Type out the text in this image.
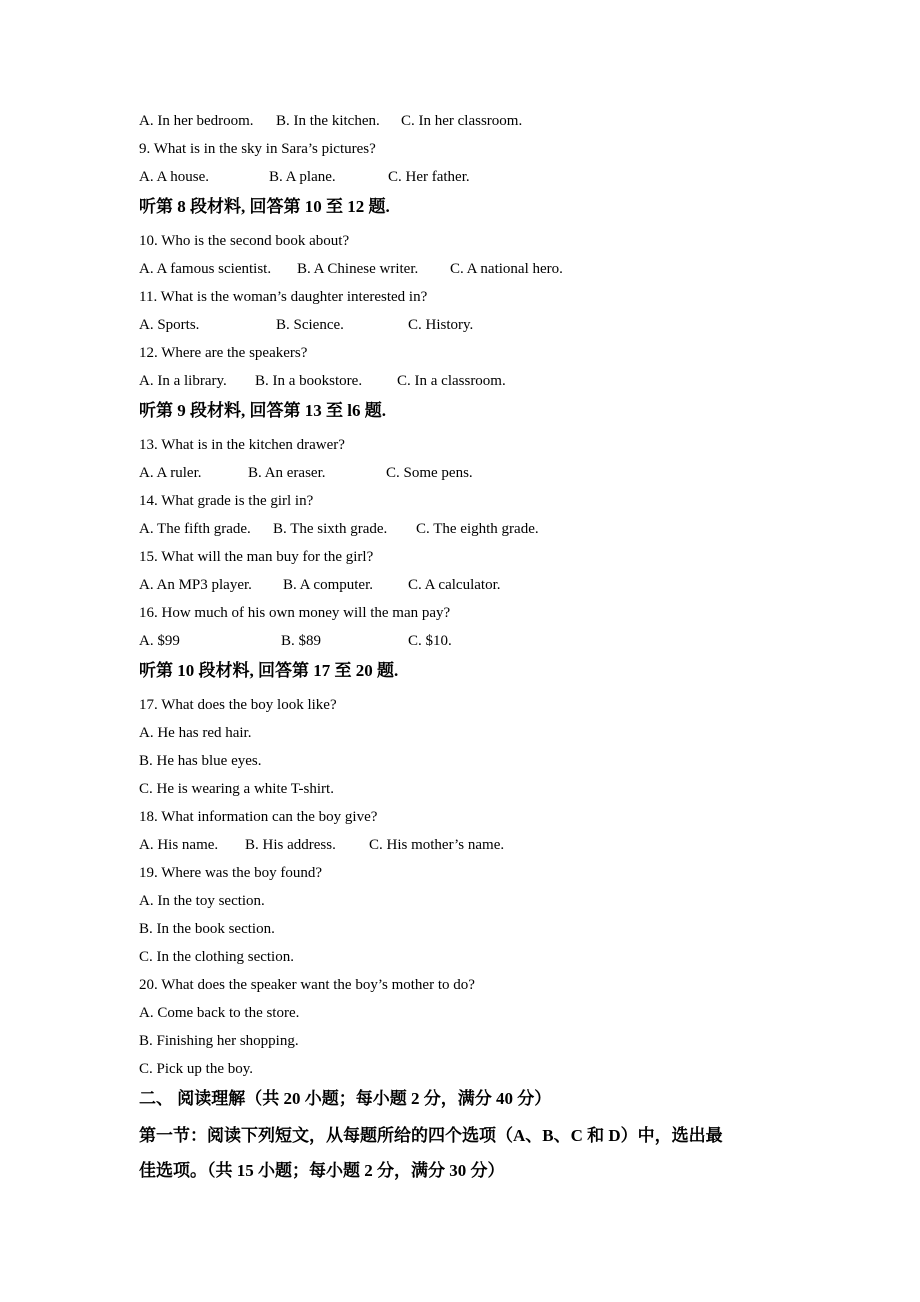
A. In her bedroom. B. In the kitchen. C. In her classroom.
9. What is in the sky in Sara’s pictures?
A. A house.	B. A plane.	C. Her father.
听第 8 段材料, 回答第 10 至 12 题.
10. Who is the second book about?
A. A famous scientist. B. A Chinese writer. C. A national hero.
11. What is the woman’s daughter interested in?
A. Sports.	B. Science.	C. History.
12. Where are the speakers?
A. In a library. B. In a bookstore. C. In a classroom.
听第 9 段材料, 回答第 13 至 l6 题.
13. What is in the kitchen drawer?
A. A ruler.	B. An eraser.	C. Some pens.
14. What grade is the girl in?
A. The fifth grade. B. The sixth grade. C. The eighth grade.
15. What will the man buy for the girl?
A. An MP3 player. B. A computer. C. A calculator.
16. How much of his own money will the man pay?
A. $99	B. $89	C. $10.
听第 10 段材料, 回答第 17 至 20 题.
17. What does the boy look like?
A. He has red hair.
B. He has blue eyes.
C. He is wearing a white T-shirt.
18. What information can the boy give?
A. His name. B. His address. C. His mother’s name.
19. Where was the boy found?
A. In the toy section.
B. In the book section.
C. In the clothing section.
20. What does the speaker want the boy’s mother to do?
A. Come back to the store.
B. Finishing her shopping.
C. Pick up the boy.
二、 阅读理解（共 20 小题；每小题 2 分，满分 40 分）
第一节：阅读下列短文，从每题所给的四个选项（A、B、C 和 D）中，选出最
佳选项。（共 15 小题；每小题 2 分，满分 30 分）
